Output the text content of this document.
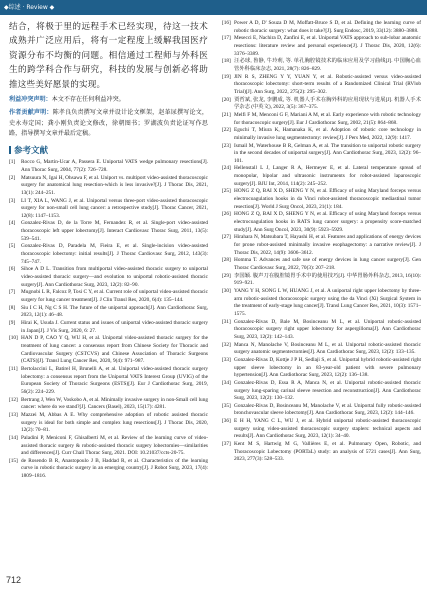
◆综述 · Review ◆

结合，将极于里的远程手术已经实现，待这一技术成熟并广泛应用后，将有一定程度上缓解我国医疗资源分布不均衡的问题。相信通过工程师与外科医生的跨学科合作与研究，科技的发展与创新必将助推这些美好愿景的实现。

利益冲突声明：本文不存在任何利益冲突。

作者贡献声明：陈孝良负责撰写文章并设计论文框架，赵革尿撰写论文，史永寿定国；龚小刚负责论文修改，徐朝图书；罗湖波负责论证写作思路，指导撰写文章并最后定稿。

参考文献

[1] Rocco G, Martin-Ucar A, Passera E. Uniportal VATS wedge pulmonary resections[J]. Ann Thorac Surg, 2004, 77(2): 726–728.

[2] Matsuura N, Igai H, Ohsawa F, et al. Uniport vs. multiport video-assisted thoracoscopic surgery for anatomical lung resection-which is less invasive?[J]. J Thorac Dis, 2021, 13(1): 244–251.

[3] LI T, XIA L, WANG J, et al. Uniportal versus three-port video-assisted thoracoscopic surgery for non-small cell lung cancer: a retrospective study[J]. Thorac Cancer, 2021, 12(8): 1147–1153.

[4] Gonzalez-Rivas D, de la Torre M, Fernandez R, et al. Single-port video-assisted thoracoscopic left upper lobectomy[J]. Interact Cardiovasc Thorac Surg, 2011, 13(5): 539–541.

[5] Gonzalez-Rivas D, Paradela M, Fieira E, et al. Single-incision video-assisted thoracoscopic lobectomy: initial results[J]. J Thorac Cardiovasc Surg, 2012, 143(3): 745–747.

[6] Sihoe A D L. Transition from multiportal video-assisted thoracic surgery to uniportal video-assisted thoracic surgery—and evolution to uniportal robotic-assisted thoracic surgery[J]. Ann Cardiothorac Surg, 2023, 12(2): 82–90.

[7] Mugnobi L R, Falcoz P, Tosi C Y, et al. Current role of uniportal video-assisted thoracic surgery for lung cancer treatment[J]. J Clin Transl Res, 2020, 6(4): 135–144.

[8] Siu I C H, Ng C S H. The future of the uniportal approach[J]. Ann Cardiothorac Surg, 2023, 12(1): 46–48.

[9] Hirai K, Usuda J. Current status and issues of uniportal video-assisted thoracic surgery in Japan[J]. J Vis Surg, 2020, 6: 27.

[10] HAN D P, CAO Y Q, WU H, et al. Uniportal video-assisted thoracic surgery for the treatment of lung cancer: a consensus report from Chinese Society for Thoracic and Cardiovascular Surgery (CSTCVS) and Chinese Association of Thoracic Surgeons (CATS)[J]. Transl Lung Cancer Res, 2020, 9(4): 971–987.

[11] Bertolaccini L, Batirel H, Brunelli A, et al. Uniportal video-assisted thoracic surgery lobectomy: a consensus report from the Uniportal VATS Interest Group (UVIG) of the European Society of Thoracic Surgeons (ESTS)[J]. Eur J Cardiothorac Surg, 2019, 56(2): 224–229.

[12] Bertrang J, Wen W, Voskobo A, et al. Minimally invasive surgery in non-Small cell lung cancer: where do we stand?[J]. Cancers (Basel), 2023, 15(17): 4281.

[13] Mazzei M, Abbas A E. Why comprehensive adoption of robotic assisted thoracic surgery is ideal for both simple and complex lung resections[J]. J Thorac Dis, 2020, 12(2): 70–81.

[14] Paladini P, Meniconi F, Ghisalberti M, et al. Review of the learning curve of video-assisted thoracic surgery & robotic-assisted thoracic surgery lobectomies—similarities and differences[J]. Curr Chall Thorac Surg, 2021. DOI: 10.21037/ccts-20-75.

[15] de Rosendo B R, Anastopoulo J B, Haddad R, et al. Characteristics of the learning curve in robotic thoracic surgery in an emerging country[J]. J Robot Surg, 2023, 17(4): 1809–1816.

[16] Power A D, D' Souza D M, Moffatt-Bruce S D, et al. Defining the learning curve of robotic thoracic surgery: what does it take?[J]. Surg Endosc, 2019, 33(12): 3880–3888.

[17] Mesecci E, Nachira D, Zanfini E, et al. Uniportal VATS approach to sub-lobar anatomic resections: literature review and personal experience[J]. J Thorac Dis, 2020, 12(6): 3376–3389.

[18] 汪必球, 鲁静, 牛玲莉, 等. 单孔胸腔镜技术的临床应用及学习曲线[J]. 中国胸心血管外科临床杂志, 2021, 28(7): 826–829.

[19] JIN R S, ZHENG Y Y, YUAN Y, et al. Robotic-assisted versus video-assisted thoracoscopic lobectomy: short-term results of a Randomized Clinical Trial (RVlob Trial)[J]. Ann Surg, 2022, 275(2): 295–302.

[20] 贾哲斌, 张龙, 李鹏成, 等. 机器人手术在胸外科的应用现状与进展[J]. 机器人手术学杂志 (中英文), 2022, 3(5): 367–375.

[21] Melfi F M, Menconi G F, Mariani A M, et al. Early experience with robotic technology for thoracoscopic surgery[J]. Eur J Cardiothorac Surg, 2002, 21(5): 864–868.

[22] Eguchi T, Miura K, Hamanaka K, et al. Adoption of robotic core technology in minimally invasive lung segmentectomy: review[J]. J Pers Med, 2022, 12(9): 1417.

[23] Ismail M, Waterhouse B R, Gelman A, et al. The transition to uniportal robotic surgery in the second decades of uniportal surgery[J]. Ann Cardiothorac Surg, 2023, 12(2): 96–101.

[24] Hellenstall L J, Langer R A, Hermeyer E, et al. Lateral temperature spread of monopolar, bipolar and ultrasonic instruments for robot-assisted laparoscopic surgery[J]. BJU Int, 2014, 114(2): 245–252.

[25] HONG Z Q, BAI X D, SHENG Y N, et al. Efficacy of using Maryland forceps versus electrocoagulation hooks in da Vinci robot-assisted thoracoscopic mediastinal tumor resection[J]. World J Surg Oncol, 2023, 21(1): 184.

[26] HONG Z Q, BAI X D, SHENG Y N, et al. Efficacy of using Maryland forceps versus electrocoagulation hooks in RATS lung cancer surgery: a propensity score-matched study[J]. Ann Surg Oncol, 2023, 30(9): 5923–5929.

[27] Hirahara N, Matsubara T, Hayashi H, et al. Features and applications of energy devices for prone robot-assisted minimally invasive esophagectomy: a narrative review[J]. J Thorac Dis, 2022, 14(9): 3606–3612.

[28] Homma T. Advances and safe use of energy devices in lung cancer surgery[J]. Gen Thorac Cardiovasc Surg, 2022, 70(3): 207–218.

[29] 李国颖. 腹声刀在腹腔镜胃手术中的使用技巧[J]. 中华胃肠外科杂志, 2013, 16(10): 919–921.

[30] YANG Y H, SONG L W, HUANG J, et al. A uniportal right upper lobectomy by three-arm robotic-assisted thoracoscopic surgery using the da Vinci (Xi) Surgical System in the treatment of early-stage lung cancer[J]. Transl Lung Cancer Res, 2021, 10(3): 1571–1575.

[31] Gonzalez-Rivas D, Bale M, Bosinceanu M L, et al. Uniportal robotic-assisted thoracoscopic surgery right upper lobectomy for aspergilloma[J]. Ann Cardiothorac Surg, 2023, 12(2): 142–143.

[32] Manca N, Manolache V, Bosinceanu M L, et al. Uniportal robotic-assisted thoracic surgery anatomic segmentectomies[J]. Ann Cardiothorac Surg, 2023, 12(2): 133–135.

[33] Gonzalez-Rivas D, Kottje J P H, Sedlaji S, et al. Uniportal hybrid robotic-assisted right upper sleeve lobectomy in an 83-year-old patient with severe pulmonary hypertension[J]. Ann Cardiothorac Surg, 2023, 12(2): 136–138.

[34] Gonzalez-Rivas D, Essa R A, Manca N, et al. Uniportal robotic-assisted thoracic surgery lung-sparing carinal sleeve resection and reconstruction[J]. Ann Cardiothorac Surg, 2023, 12(2): 130–132.

[35] Gonzalez-Rivas D, Bosinceanu M, Manolache V, et al. Uniportal fully robotic-assisted bronchovascular sleeve lobectomy[J]. Ann Cardiothorac Surg, 2023, 12(2): 144–146.

[36] E H H, YANG C L, WU J, et al. Hybrid uniportal robotic-assisted thoracoscopic surgery using video-assisted thoracoscopic surgery staplers: technical aspects and results[J]. Ann Cardiothorac Surg, 2023, 12(1): 34–40.

[37] Kent M S, Hartwig M G, Vallières E, et al. Pulmonary Open, Robotic, and Thoracoscopic Lobectomy (PORTaL) study: an analysis of 5721 cases[J]. Ann Surg, 2023, 277(3): 528–533.

712
